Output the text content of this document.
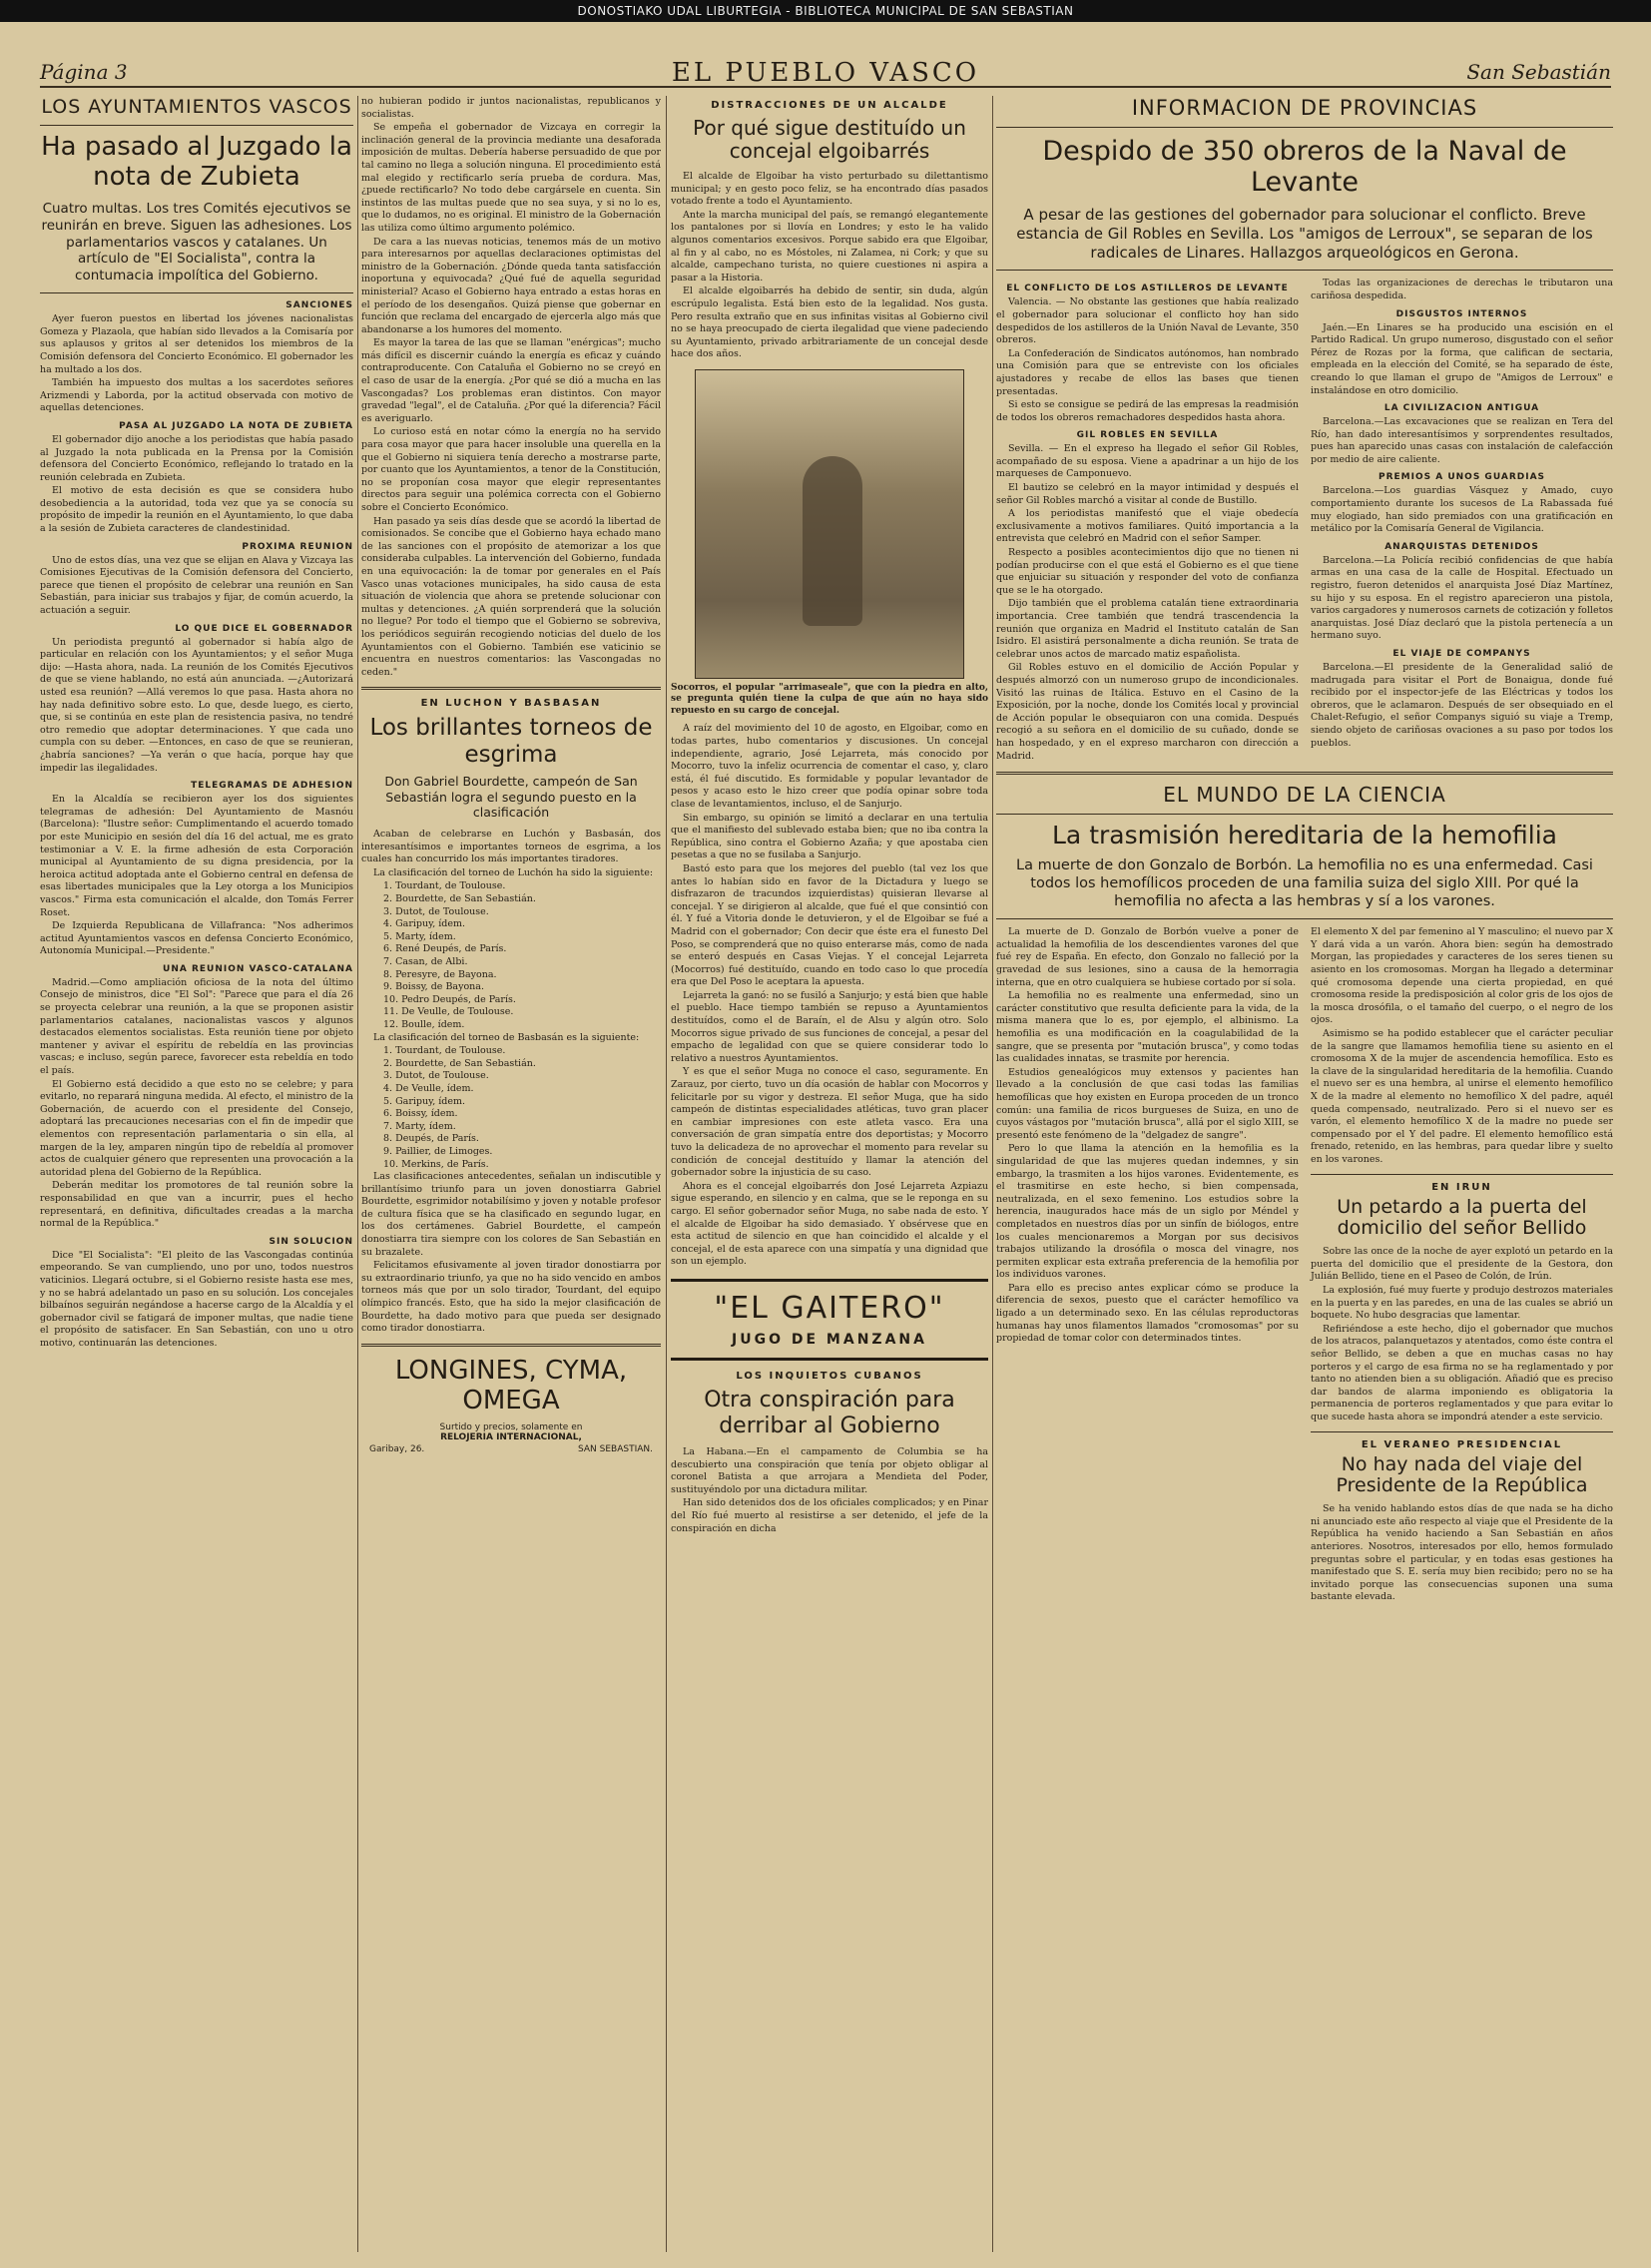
DONOSTIAKO UDAL LIBURTEGIA - BIBLIOTECA MUNICIPAL DE SAN SEBASTIAN
Página 3	EL PUEBLO VASCO	San Sebastián
LOS AYUNTAMIENTOS VASCOS
Ha pasado al Juzgado la nota de Zubieta
Cuatro multas. Los tres Comités ejecutivos se reunirán en breve. Siguen las adhesiones. Los parlamentarios vascos y catalanes. Un artículo de "El Socialista", contra la contumacia impolítica del Gobierno.
SANCIONES

Ayer fueron puestos en libertad los jóvenes nacionalistas Gomeza y Plazaola, que habían sido llevados a la Comisaría por sus aplausos y gritos al ser detenidos los miembros de la Comisión defensora del Concierto Económico. El gobernador les ha multado a los dos.

También ha impuesto dos multas a los sacerdotes señores Arizmendi y Laborda, por la actitud observada con motivo de aquellas detenciones.

PASA AL JUZGADO LA NOTA DE ZUBIETA

El gobernador dijo anoche a los periodistas que había pasado al Juzgado la nota publicada en la Prensa por la Comisión defensora del Concierto Económico, reflejando lo tratado en la reunión celebrada en Zubieta.

El motivo de esta decisión es que se considera hubo desobediencia a la autoridad, toda vez que ya se conocía su propósito de impedir la reunión en el Ayuntamiento, lo que daba a la sesión de Zubieta caracteres de clandestinidad.

PROXIMA REUNION

Uno de estos días, una vez que se elijan en Alava y Vizcaya las Comisiones Ejecutivas de la Comisión defensora del Concierto, parece que tienen el propósito de celebrar una reunión en San Sebastián, para iniciar sus trabajos y fijar, de común acuerdo, la actuación a seguir.

LO QUE DICE EL GOBERNADOR

Un periodista preguntó al gobernador si había algo de particular en relación con los Ayuntamientos; y el señor Muga dijo: —Hasta ahora, nada. La reunión de los Comités Ejecutivos de que se viene hablando, no está aún anunciada. —¿Autorizará usted esa reunión? —Allá veremos lo que pasa. Hasta ahora no hay nada definitivo sobre esto. Lo que, desde luego, es cierto, que, si se continúa en este plan de resistencia pasiva, no tendré otro remedio que adoptar determinaciones. Y que cada uno cumpla con su deber. —Entonces, en caso de que se reunieran, ¿habría sanciones? —Ya verán o que hacía, porque hay que impedir las ilegalidades.

TELEGRAMAS DE ADHESION

En la Alcaldía se recibieron ayer los dos siguientes telegramas de adhesión: Del Ayuntamiento de Masnóu (Barcelona): "Ilustre señor: Cumplimentando el acuerdo tomado por este Municipio en sesión del día 16 del actual, me es grato testimoniar a V. E. la firme adhesión de esta Corporación municipal al Ayuntamiento de su digna presidencia, por la heroica actitud adoptada ante el Gobierno central en defensa de esas libertades municipales que la Ley otorga a los Municipios vascos." Firma esta comunicación el alcalde, don Tomás Ferrer Roset.

De Izquierda Republicana de Villafranca: "Nos adherimos actitud Ayuntamientos vascos en defensa Concierto Económico, Autonomía Municipal.—Presidente."

UNA REUNION VASCO-CATALANA

Madrid.—Como ampliación oficiosa de la nota del último Consejo de ministros, dice "El Sol": "Parece que para el día 26 se proyecta celebrar una reunión, a la que se proponen asistir parlamentarios catalanes, nacionalistas vascos y algunos destacados elementos socialistas. Esta reunión tiene por objeto mantener y avivar el espíritu de rebeldía en las provincias vascas; e incluso, según parece, favorecer esta rebeldía en todo el país.

El Gobierno está decidido a que esto no se celebre; y para evitarlo, no reparará ninguna medida. Al efecto, el ministro de la Gobernación, de acuerdo con el presidente del Consejo, adoptará las precauciones necesarias con el fin de impedir que elementos con representación parlamentaria o sin ella, al margen de la ley, amparen ningún tipo de rebeldía al promover actos de cualquier género que representen una provocación a la autoridad plena del Gobierno de la República.

Deberán meditar los promotores de tal reunión sobre la responsabilidad en que van a incurrir, pues el hecho representará, en definitiva, dificultades creadas a la marcha normal de la República."

SIN SOLUCION

Dice "El Socialista": "El pleito de las Vascongadas continúa empeorando. Se van cumpliendo, uno por uno, todos nuestros vaticinios. Llegará octubre, si el Gobierno resiste hasta ese mes, y no se habrá adelantado un paso en su solución. Los concejales bilbaínos seguirán negándose a hacerse cargo de la Alcaldía y el gobernador civil se fatigará de imponer multas, que nadie tiene el propósito de satisfacer. En San Sebastián, con uno u otro motivo, continuarán las detenciones.

no hubieran podido ir juntos nacionalistas, republicanos y socialistas.

Se empeña el gobernador de Vizcaya en corregir la inclinación general de la provincia mediante una desaforada imposición de multas. Debería haberse persuadido de que por tal camino no llega a solución ninguna. El procedimiento está mal elegido y rectificarlo sería prueba de cordura. Mas, ¿puede rectificarlo? No todo debe cargársele en cuenta. Sin instintos de las multas puede que no sea suya, y si no lo es, que lo dudamos, no es original. El ministro de la Gobernación las utiliza como último argumento polémico.

De cara a las nuevas noticias, tenemos más de un motivo para interesarnos por aquellas declaraciones optimistas del ministro de la Gobernación. ¿Dónde queda tanta satisfacción inoportuna y equivocada? ¿Qué fué de aquella seguridad ministerial? Acaso el Gobierno haya entrado a estas horas en el período de los desengaños. Quizá piense que gobernar en función que reclama del encargado de ejercerla algo más que abandonarse a los humores del momento.

Es mayor la tarea de las que se llaman "enérgicas"; mucho más difícil es discernir cuándo la energía es eficaz y cuándo contraproducente. Con Cataluña el Gobierno no se creyó en el caso de usar de la energía. ¿Por qué se dió a mucha en las Vascongadas? Los problemas eran distintos. Con mayor gravedad "legal", el de Cataluña. ¿Por qué la diferencia? Fácil es averiguarlo.

Lo curioso está en notar cómo la energía no ha servido para cosa mayor que para hacer insoluble una querella en la que el Gobierno ni siquiera tenía derecho a mostrarse parte, por cuanto que los Ayuntamientos, a tenor de la Constitución, no se proponían cosa mayor que elegir representantes directos para seguir una polémica correcta con el Gobierno sobre el Concierto Económico.

Han pasado ya seis días desde que se acordó la libertad de comisionados. Se concibe que el Gobierno haya echado mano de las sanciones con el propósito de atemorizar a los que consideraba culpables. La intervención del Gobierno, fundada en una equivocación: la de tomar por generales en el País Vasco unas votaciones municipales, ha sido causa de esta situación de violencia que ahora se pretende solucionar con multas y detenciones. ¿A quién sorprenderá que la solución no llegue? Por todo el tiempo que el Gobierno se sobreviva, los periódicos seguirán recogiendo noticias del duelo de los Ayuntamientos con el Gobierno. También ese vaticinio se encuentra en nuestros comentarios: las Vascongadas no ceden."

EN LUCHON Y BASBASAN
Los brillantes torneos de esgrima
Don Gabriel Bourdette, campeón de San Sebastián logra el segundo puesto en la clasificación

Acaban de celebrarse en Luchón y Basbasán, dos interesantísimos e importantes torneos de esgrima, a los cuales han concurrido los más importantes tiradores.

La clasificación del torneo de Luchón ha sido la siguiente:

1. Tourdant, de Toulouse.
2. Bourdette, de San Sebastián.
3. Dutot, de Toulouse.
4. Garipuy, ídem.
5. Marty, ídem.
6. René Deupés, de París.
7. Casan, de Albi.
8. Peresyre, de Bayona.
9. Boissy, de Bayona.
10. Pedro Deupés, de París.
11. De Veulle, de Toulouse.
12. Boulle, ídem.

La clasificación del torneo de Basbasán es la siguiente:

1. Tourdant, de Toulouse.
2. Bourdette, de San Sebastián.
3. Dutot, de Toulouse.
4. De Veulle, ídem.
5. Garipuy, ídem.
6. Boissy, ídem.
7. Marty, ídem.
8. Deupés, de París.
9. Paillier, de Limoges.
10. Merkins, de París.

Las clasificaciones antecedentes, señalan un indiscutible y brillantísimo triunfo para un joven donostiarra Gabriel Bourdette, esgrimidor notabilísimo y joven y notable profesor de cultura física que se ha clasificado en segundo lugar, en los dos certámenes. Gabriel Bourdette, el campeón donostiarra tira siempre con los colores de San Sebastián en su brazalete.

Felicitamos efusivamente al joven tirador donostiarra por su extraordinario triunfo, ya que no ha sido vencido en ambos torneos más que por un solo tirador, Tourdant, del equipo olímpico francés. Esto, que ha sido la mejor clasificación de Bourdette, ha dado motivo para que pueda ser designado como tirador donostiarra.

LONGINES, CYMA, OMEGA
Surtido y precios, solamente en
RELOJERIA INTERNACIONAL,
Garibay, 26.	SAN SEBASTIAN.
DISTRACCIONES DE UN ALCALDE
Por qué sigue destituído un concejal elgoibarrés

El alcalde de Elgoibar ha visto perturbado su dilettantismo municipal; y en gesto poco feliz, se ha encontrado días pasados votado frente a todo el Ayuntamiento.

Ante la marcha municipal del país, se remangó elegantemente los pantalones por si llovía en Londres; y esto le ha valido algunos comentarios excesivos. Porque sabido era que Elgoibar, al fin y al cabo, no es Móstoles, ni Zalamea, ni Cork; y que su alcalde, campechano turista, no quiere cuestiones ni aspira a pasar a la Historia.

El alcalde elgoibarrés ha debido de sentir, sin duda, algún escrúpulo legalista. Está bien esto de la legalidad. Nos gusta. Pero resulta extraño que en sus infinitas visitas al Gobierno civil no se haya preocupado de cierta ilegalidad que viene padeciendo su Ayuntamiento, privado arbitrariamente de un concejal desde hace dos años.

Socorros, el popular "arrimaseale", que con la piedra en alto, se pregunta quién tiene la culpa de que aún no haya sido repuesto en su cargo de concejal.

A raíz del movimiento del 10 de agosto, en Elgoibar, como en todas partes, hubo comentarios y discusiones. Un concejal independiente, agrario, José Lejarreta, más conocido por Mocorro, tuvo la infeliz ocurrencia de comentar el caso, y, claro está, él fué discutido. Es formidable y popular levantador de pesos y acaso esto le hizo creer que podía opinar sobre toda clase de levantamientos, incluso, el de Sanjurjo.

Sin embargo, su opinión se limitó a declarar en una tertulia que el manifiesto del sublevado estaba bien; que no iba contra la República, sino contra el Gobierno Azaña; y que apostaba cien pesetas a que no se fusilaba a Sanjurjo.

Bastó esto para que los mejores del pueblo (tal vez los que antes lo habían sido en favor de la Dictadura y luego se disfrazaron de tracundos izquierdistas) quisieran llevarse al concejal. Y se dirigieron al alcalde, que fué el que consintió con él. Y fué a Vitoria donde le detuvieron, y el de Elgoibar se fué a Madrid con el gobernador; Con decir que éste era el funesto Del Poso, se comprenderá que no quiso enterarse más, como de nada se enteró después en Casas Viejas. Y el concejal Lejarreta (Mocorros) fué destituído, cuando en todo caso lo que procedía era que Del Poso le aceptara la apuesta.

Lejarreta la ganó: no se fusiló a Sanjurjo; y está bien que hable el pueblo. Hace tiempo también se repuso a Ayuntamientos destituídos, como el de Baraín, el de Alsu y algún otro. Solo Mocorros sigue privado de sus funciones de concejal, a pesar del empacho de legalidad con que se quiere considerar todo lo relativo a nuestros Ayuntamientos.

Y es que el señor Muga no conoce el caso, seguramente. En Zarauz, por cierto, tuvo un día ocasión de hablar con Mocorros y felicitarle por su vigor y destreza. El señor Muga, que ha sido campeón de distintas especialidades atléticas, tuvo gran placer en cambiar impresiones con este atleta vasco. Era una conversación de gran simpatía entre dos deportistas; y Mocorro tuvo la delicadeza de no aprovechar el momento para revelar su condición de concejal destituído y llamar la atención del gobernador sobre la injusticia de su caso.

Ahora es el concejal elgoibarrés don José Lejarreta Azpiazu sigue esperando, en silencio y en calma, que se le reponga en su cargo. El señor gobernador señor Muga, no sabe nada de esto. Y el alcalde de Elgoibar ha sido demasiado. Y obsérvese que en esta actitud de silencio en que han coincidido el alcalde y el concejal, el de esta aparece con una simpatía y una dignidad que son un ejemplo.

"EL GAITERO"
JUGO DE MANZANA
LOS INQUIETOS CUBANOS
Otra conspiración para derribar al Gobierno

La Habana.—En el campamento de Columbia se ha descubierto una conspiración que tenía por objeto obligar al coronel Batista a que arrojara a Mendieta del Poder, sustituyéndolo por una dictadura militar.

Han sido detenidos dos de los oficiales complicados; y en Pinar del Río fué muerto al resistirse a ser detenido, el jefe de la conspiración en dicha

INFORMACION DE PROVINCIAS
Despido de 350 obreros de la Naval de Levante
A pesar de las gestiones del gobernador para solucionar el conflicto. Breve estancia de Gil Robles en Sevilla. Los "amigos de Lerroux", se separan de los radicales de Linares. Hallazgos arqueológicos en Gerona.
EL CONFLICTO DE LOS ASTILLEROS DE LEVANTE

Valencia. — No obstante las gestiones que había realizado el gobernador para solucionar el conflicto hoy han sido despedidos de los astilleros de la Unión Naval de Levante, 350 obreros.

La Confederación de Sindicatos autónomos, han nombrado una Comisión para que se entreviste con los oficiales ajustadores y recabe de ellos las bases que tienen presentadas.

Si esto se consigue se pedirá de las empresas la readmisión de todos los obreros remachadores despedidos hasta ahora.

GIL ROBLES EN SEVILLA

Sevilla. — En el expreso ha llegado el señor Gil Robles, acompañado de su esposa. Viene a apadrinar a un hijo de los marqueses de Camponuevo.

El bautizo se celebró en la mayor intimidad y después el señor Gil Robles marchó a visitar al conde de Bustillo.

A los periodistas manifestó que el viaje obedecía exclusivamente a motivos familiares. Quitó importancia a la entrevista que celebró en Madrid con el señor Samper.

Respecto a posibles acontecimientos dijo que no tienen ni podían producirse con el que está el Gobierno es el que tiene que enjuiciar su situación y responder del voto de confianza que se le ha otorgado.

Dijo también que el problema catalán tiene extraordinaria importancia. Cree también que tendrá trascendencia la reunión que organiza en Madrid el Instituto catalán de San Isidro. El asistirá personalmente a dicha reunión. Se trata de celebrar unos actos de marcado matiz españolista.

Gil Robles estuvo en el domicilio de Acción Popular y después almorzó con un numeroso grupo de incondicionales. Visitó las ruinas de Itálica. Estuvo en el Casino de la Exposición, por la noche, donde los Comités local y provincial de Acción popular le obsequiaron con una comida. Después recogió a su señora en el domicilio de su cuñado, donde se han hospedado, y en el expreso marcharon con dirección a Madrid.

Todas las organizaciones de derechas le tributaron una cariñosa despedida.

DISGUSTOS INTERNOS

Jaén.—En Linares se ha producido una escisión en el Partido Radical. Un grupo numeroso, disgustado con el señor Pérez de Rozas por la forma, que califican de sectaria, empleada en la elección del Comité, se ha separado de éste, creando lo que llaman el grupo de "Amigos de Lerroux" e instalándose en otro domicilio.

LA CIVILIZACION ANTIGUA

Barcelona.—Las excavaciones que se realizan en Tera del Río, han dado interesantísimos y sorprendentes resultados, pues han aparecido unas casas con instalación de calefacción por medio de aire caliente.

PREMIOS A UNOS GUARDIAS

Barcelona.—Los guardias Vásquez y Amado, cuyo comportamiento durante los sucesos de La Rabassada fué muy elogiado, han sido premiados con una gratificación en metálico por la Comisaría General de Vigilancia.

ANARQUISTAS DETENIDOS

Barcelona.—La Policía recibió confidencias de que había armas en una casa de la calle de Hospital. Efectuado un registro, fueron detenidos el anarquista José Díaz Martínez, su hijo y su esposa. En el registro aparecieron una pistola, varios cargadores y numerosos carnets de cotización y folletos anarquistas. José Díaz declaró que la pistola pertenecía a un hermano suyo.

EL VIAJE DE COMPANYS

Barcelona.—El presidente de la Generalidad salió de madrugada para visitar el Port de Bonaigua, donde fué recibido por el inspector-jefe de las Eléctricas y todos los obreros, que le aclamaron. Después de ser obsequiado en el Chalet-Refugio, el señor Companys siguió su viaje a Tremp, siendo objeto de cariñosas ovaciones a su paso por todos los pueblos.

EL MUNDO DE LA CIENCIA
La trasmisión hereditaria de la hemofilia
La muerte de don Gonzalo de Borbón. La hemofilia no es una enfermedad. Casi todos los hemofílicos proceden de una familia suiza del siglo XIII. Por qué la hemofilia no afecta a las hembras y sí a los varones.

La muerte de D. Gonzalo de Borbón vuelve a poner de actualidad la hemofilia de los descendientes varones del que fué rey de España. En efecto, don Gonzalo no falleció por la gravedad de sus lesiones, sino a causa de la hemorragia interna, que en otro cualquiera se hubiese cortado por sí sola.

La hemofilia no es realmente una enfermedad, sino un carácter constitutivo que resulta deficiente para la vida, de la misma manera que lo es, por ejemplo, el albinismo. La hemofilia es una modificación en la coagulabilidad de la sangre, que se presenta por "mutación brusca", y como todas las cualidades innatas, se trasmite por herencia.

Estudios genealógicos muy extensos y pacientes han llevado a la conclusión de que casi todas las familias hemofílicas que hoy existen en Europa proceden de un tronco común: una familia de ricos burgueses de Suiza, en uno de cuyos vástagos por "mutación brusca", allá por el siglo XIII, se presentó este fenómeno de la "delgadez de sangre".

Pero lo que llama la atención en la hemofilia es la singularidad de que las mujeres quedan indemnes, y sin embargo, la trasmiten a los hijos varones. Evidentemente, es el trasmitirse en este hecho, si bien compensada, neutralizada, en el sexo femenino. Los estudios sobre la herencia, inaugurados hace más de un siglo por Méndel y completados en nuestros días por un sinfín de biólogos, entre los cuales mencionaremos a Morgan por sus decisivos trabajos utilizando la drosófila o mosca del vinagre, nos permiten explicar esta extraña preferencia de la hemofilia por los individuos varones.

Para ello es preciso antes explicar cómo se produce la diferencia de sexos, puesto que el carácter hemofílico va ligado a un determinado sexo. En las células reproductoras humanas hay unos filamentos llamados "cromosomas" por su propiedad de tomar color con determinados tintes.

El elemento X del par femenino al Y masculino; el nuevo par X Y dará vida a un varón. Ahora bien: según ha demostrado Morgan, las propiedades y caracteres de los seres tienen su asiento en los cromosomas. Morgan ha llegado a determinar qué cromosoma depende una cierta propiedad, en qué cromosoma reside la predisposición al color gris de los ojos de la mosca drosófila, o el tamaño del cuerpo, o el negro de los ojos.

Asimismo se ha podido establecer que el carácter peculiar de la sangre que llamamos hemofilia tiene su asiento en el cromosoma X de la mujer de ascendencia hemofílica. Esto es la clave de la singularidad hereditaria de la hemofilia. Cuando el nuevo ser es una hembra, al unirse el elemento hemofílico X de la madre al elemento no hemofílico X del padre, aquél queda compensado, neutralizado. Pero si el nuevo ser es varón, el elemento hemofílico X de la madre no puede ser compensado por el Y del padre. El elemento hemofílico está frenado, retenido, en las hembras, para quedar libre y suelto en los varones.

EN IRUN
Un petardo a la puerta del domicilio del señor Bellido

Sobre las once de la noche de ayer explotó un petardo en la puerta del domicilio que el presidente de la Gestora, don Julián Bellido, tiene en el Paseo de Colón, de Irún.

La explosión, fué muy fuerte y produjo destrozos materiales en la puerta y en las paredes, en una de las cuales se abrió un boquete. No hubo desgracias que lamentar.

Refiriéndose a este hecho, dijo el gobernador que muchos de los atracos, palanquetazos y atentados, como éste contra el señor Bellido, se deben a que en muchas casas no hay porteros y el cargo de esa firma no se ha reglamentado y por tanto no atienden bien a su obligación. Añadió que es preciso dar bandos de alarma imponiendo es obligatoria la permanencia de porteros reglamentados y que para evitar lo que sucede hasta ahora se impondrá atender a este servicio.

EL VERANEO PRESIDENCIAL
No hay nada del viaje del Presidente de la República

Se ha venido hablando estos días de que nada se ha dicho ni anunciado este año respecto al viaje que el Presidente de la República ha venido haciendo a San Sebastián en años anteriores. Nosotros, interesados por ello, hemos formulado preguntas sobre el particular, y en todas esas gestiones ha manifestado que S. E. sería muy bien recibido; pero no se ha invitado porque las consecuencias suponen una suma bastante elevada.
